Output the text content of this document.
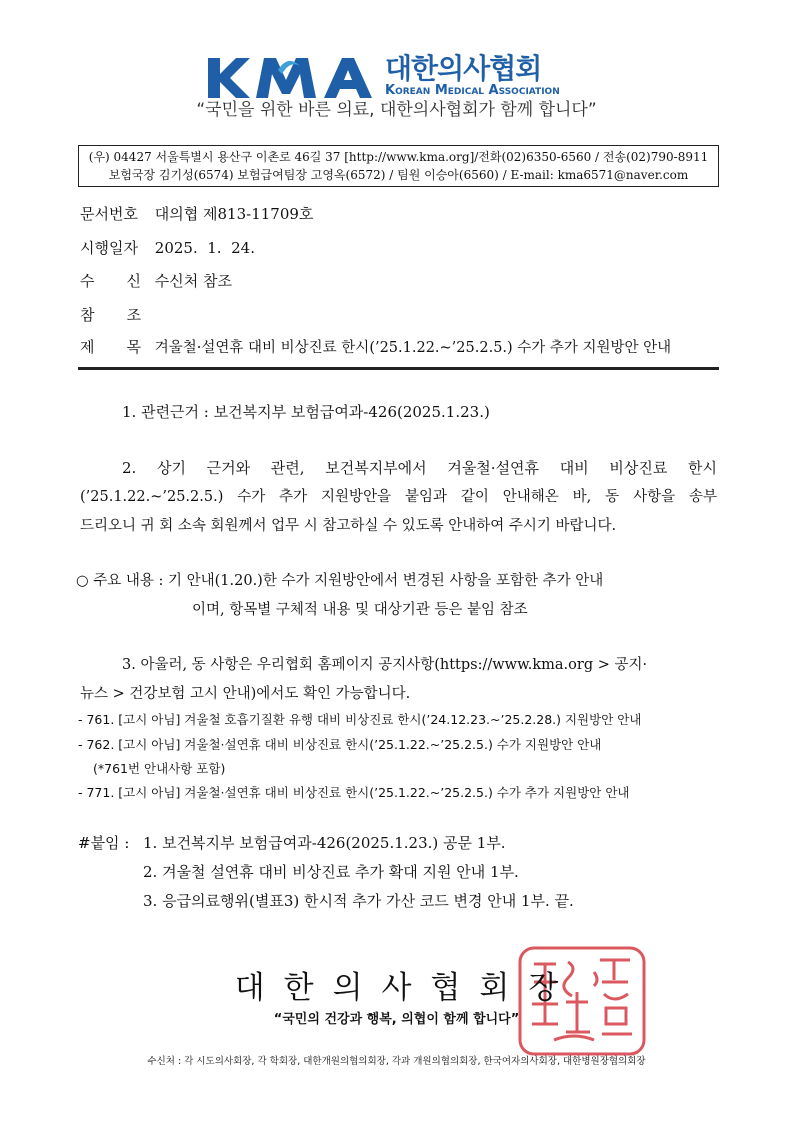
대한의사협회
Korean Medical Association
“국민을 위한 바른 의료, 대한의사협회가 함께 합니다”
(우) 04427 서울특별시 용산구 이촌로 46길 37 [http://www.kma.org]/전화(02)6350-6560 / 전송(02)790-8911
보험국장 김기성(6574) 보험급여팀장 고영옥(6572) / 팀원 이승아(6560) / E-mail: kma6571@naver.com
문서번호 대의협 제813-11709호
시행일자 2025.  1.  24.
수 신 수신처 참조
참 조
제 목 겨울철·설연휴 대비 비상진료 한시(’25.1.22.~’25.2.5.) 수가 추가 지원방안 안내
1. 관련근거 : 보건복지부 보험급여과-426(2025.1.23.)
2. 상기 근거와 관련, 보건복지부에서 겨울철·설연휴 대비 비상진료 한시
(’25.1.22.~’25.2.5.) 수가 추가 지원방안을 붙임과 같이 안내해온 바, 동 사항을 송부
드리오니 귀 회 소속 회원께서 업무 시 참고하실 수 있도록 안내하여 주시기 바랍니다.
○ 주요 내용 : 기 안내(1.20.)한 수가 지원방안에서 변경된 사항을 포함한 추가 안내
이며, 항목별 구체적 내용 및 대상기관 등은 붙임 참조
3. 아울러, 동 사항은 우리협회 홈페이지 공지사항(https://www.kma.org > 공지·
뉴스 > 건강보험 고시 안내)에서도 확인 가능합니다.
- 761. [고시 아님] 겨울철 호흡기질환 유행 대비 비상진료 한시(’24.12.23.~’25.2.28.) 지원방안 안내
- 762. [고시 아님] 겨울철·설연휴 대비 비상진료 한시(’25.1.22.~’25.2.5.) 수가 지원방안 안내
(*761번 안내사항 포함)
- 771. [고시 아님] 겨울철·설연휴 대비 비상진료 한시(’25.1.22.~’25.2.5.) 수가 추가 지원방안 안내
#붙임 : 1. 보건복지부 보험급여과-426(2025.1.23.) 공문 1부.
2. 겨울철 설연휴 대비 비상진료 추가 확대 지원 안내 1부.
3. 응급의료행위(별표3) 한시적 추가 가산 코드 변경 안내 1부. 끝.
대한의사협회장
“국민의 건강과 행복, 의협이 함께 합니다”
수신처 : 각 시도의사회장, 각 학회장, 대한개원의협의회장, 각과 개원의협의회장, 한국여자의사회장, 대한병원장협의회장
